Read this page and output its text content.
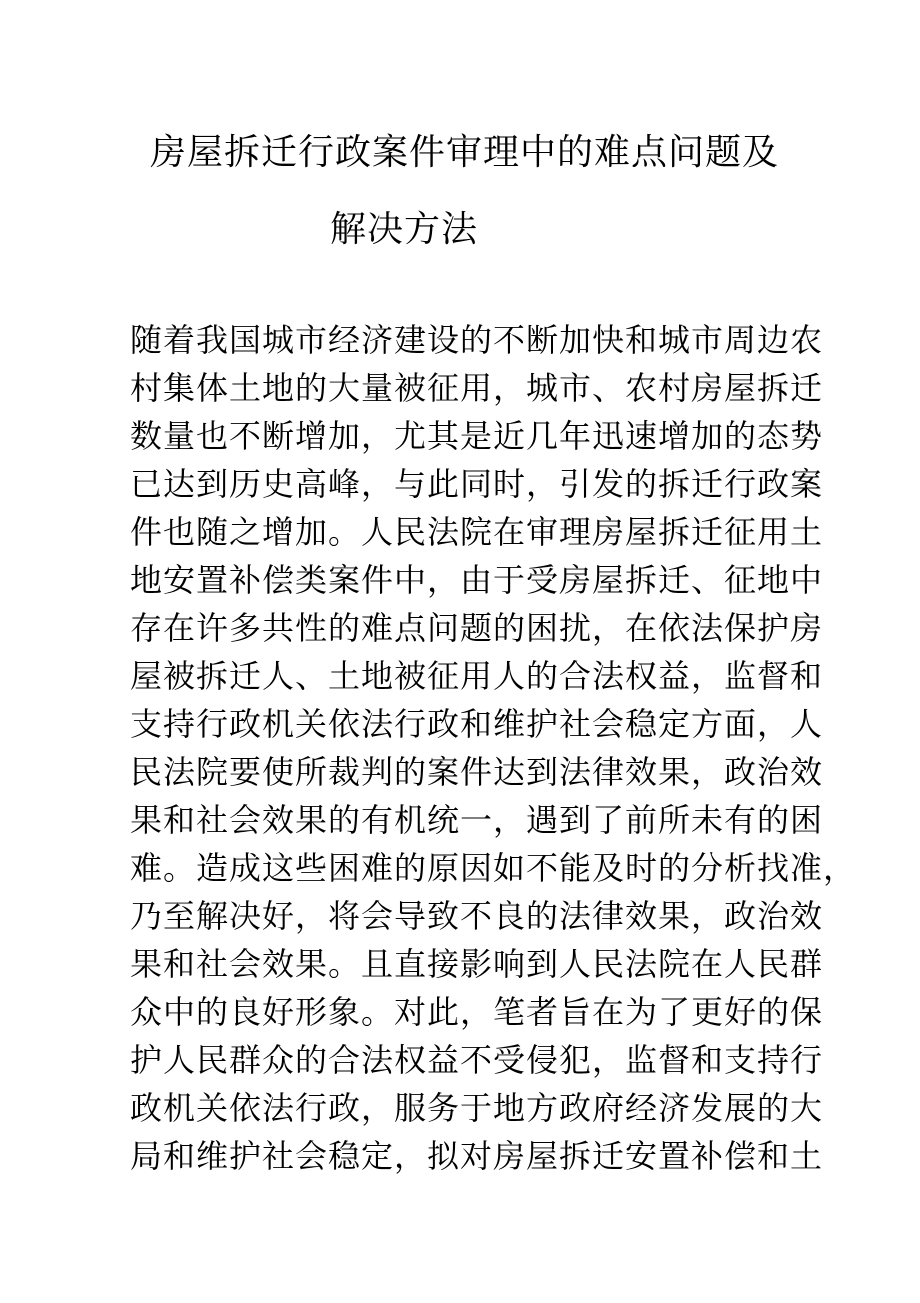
房屋拆迁行政案件审理中的难点问题及
解决方法
随着我国城市经济建设的不断加快和城市周边农
村集体土地的大量被征用，城市、农村房屋拆迁
数量也不断增加，尤其是近几年迅速增加的态势
已达到历史高峰，与此同时，引发的拆迁行政案
件也随之增加。人民法院在审理房屋拆迁征用土
地安置补偿类案件中，由于受房屋拆迁、征地中
存在许多共性的难点问题的困扰，在依法保护房
屋被拆迁人、土地被征用人的合法权益，监督和
支持行政机关依法行政和维护社会稳定方面，人
民法院要使所裁判的案件达到法律效果，政治效
果和社会效果的有机统一，遇到了前所未有的困
难。造成这些困难的原因如不能及时的分析找准，
乃至解决好，将会导致不良的法律效果，政治效
果和社会效果。且直接影响到人民法院在人民群
众中的良好形象。对此，笔者旨在为了更好的保
护人民群众的合法权益不受侵犯，监督和支持行
政机关依法行政，服务于地方政府经济发展的大
局和维护社会稳定，拟对房屋拆迁安置补偿和土
